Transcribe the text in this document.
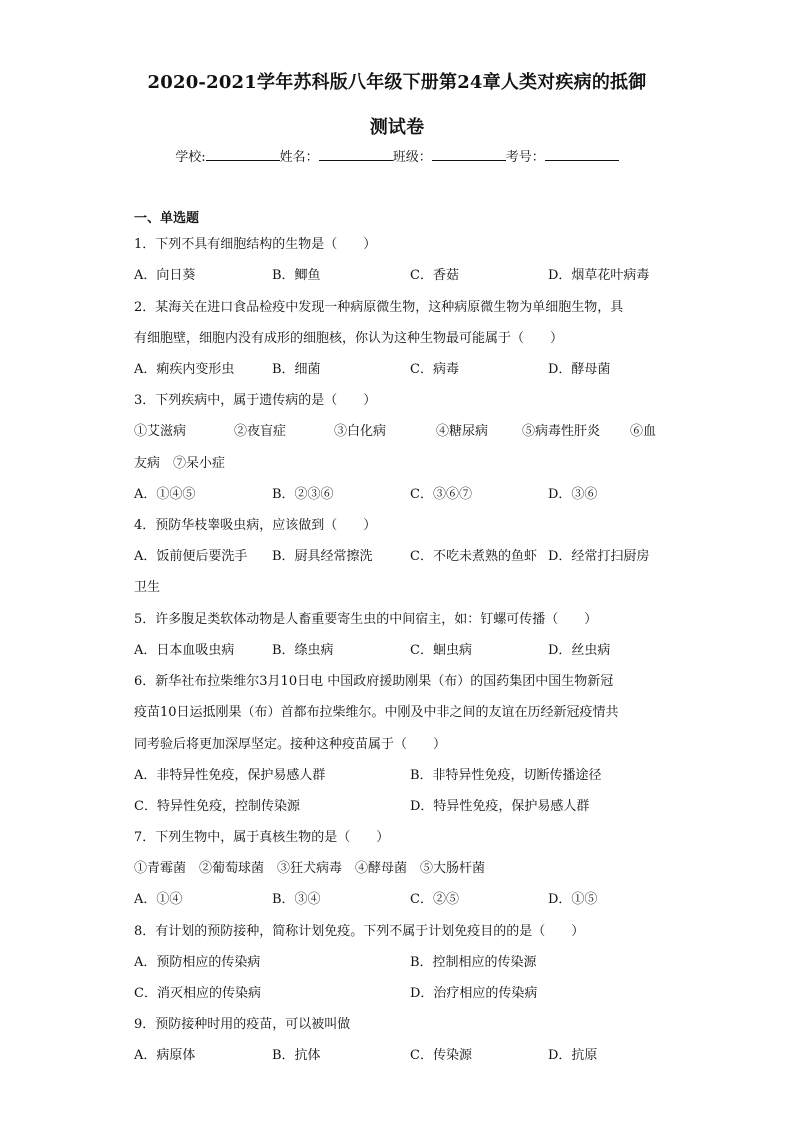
2020-2021学年苏科版八年级下册第24章人类对疾病的抵御
测试卷
学校:	姓名：	班级：	考号：
一、单选题
1．下列不具有细胞结构的生物是（　　）
A．向日葵	B．鲫鱼	C．香菇	D．烟草花叶病毒
2．某海关在进口食品检疫中发现一种病原微生物，这种病原微生物为单细胞生物，具
有细胞壁，细胞内没有成形的细胞核，你认为这种生物最可能属于（　　）
A．痢疾内变形虫	B．细菌	C．病毒	D．酵母菌
3．下列疾病中，属于遗传病的是（　　）
①艾滋病	②夜盲症	③白化病	④糖尿病	⑤病毒性肝炎 ⑥血
友病　⑦呆小症
A．①④⑤	B．②③⑥	C．③⑥⑦	D．③⑥
4．预防华枝睾吸虫病，应该做到（　　）
A．饭前便后要洗手 B．厨具经常擦洗	C．不吃未煮熟的鱼虾 D．经常打扫厨房
卫生
5．许多腹足类软体动物是人畜重要寄生虫的中间宿主，如：钉螺可传播（　　）
A．日本血吸虫病	B．绦虫病	C．蛔虫病	D．丝虫病
6．新华社布拉柴维尔3月10日电 中国政府援助刚果（布）的国药集团中国生物新冠
疫苗10日运抵刚果（布）首都布拉柴维尔。中刚及中非之间的友谊在历经新冠疫情共
同考验后将更加深厚坚定。接种这种疫苗属于（　　）
A．非特异性免疫，保护易感人群	B．非特异性免疫，切断传播途径
C．特异性免疫，控制传染源	D．特异性免疫，保护易感人群
7．下列生物中，属于真核生物的是（　　）
①青霉菌　②葡萄球菌　③狂犬病毒　④酵母菌　⑤大肠杆菌
A．①④	B．③④	C．②⑤	D．①⑤
8．有计划的预防接种，简称计划免疫。下列不属于计划免疫目的的是（　　）
A．预防相应的传染病	B．控制相应的传染源
C．消灭相应的传染病	D．治疗相应的传染病
9．预防接种时用的疫苗，可以被叫做
A．病原体	B．抗体	C．传染源	D．抗原
